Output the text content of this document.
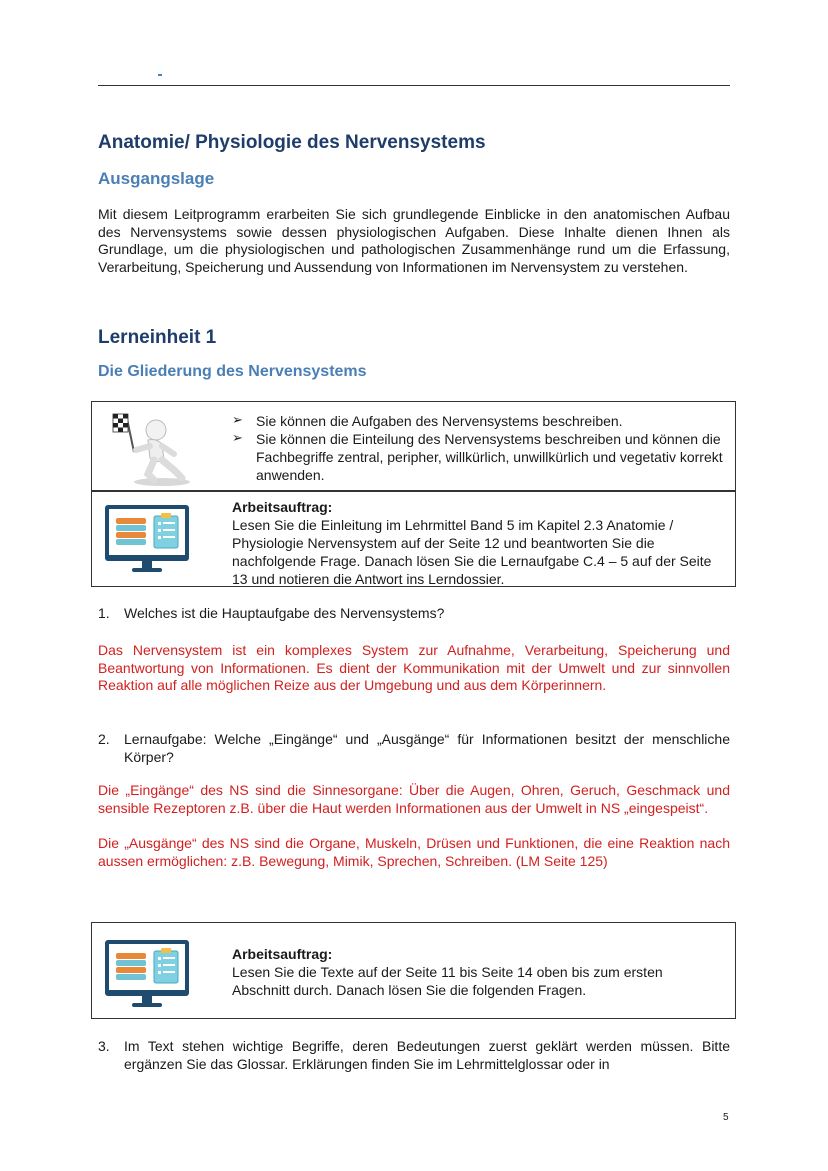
Anatomie/ Physiologie des Nervensystems
Ausgangslage

Mit diesem Leitprogramm erarbeiten Sie sich grundlegende Einblicke in den anatomischen Aufbau des Nervensystems sowie dessen physiologischen Aufgaben. Diese Inhalte dienen Ihnen als Grundlage, um die physiologischen und pathologischen Zusammenhänge rund um die Erfassung, Verarbeitung, Speicherung und Aussendung von Informationen im Nervensystem zu verstehen.

Lerneinheit 1
Die Gliederung des Nervensystems
➢ Sie können die Aufgaben des Nervensystems beschreiben.
➢ Sie können die Einteilung des Nervensystems beschreiben und können die Fachbegriffe zentral, peripher, willkürlich, unwillkürlich und vegetativ korrekt anwenden.
Arbeitsauftrag:
Lesen Sie die Einleitung im Lehrmittel Band 5 im Kapitel 2.3 Anatomie / Physiologie Nervensystem auf der Seite 12 und beantworten Sie die nachfolgende Frage. Danach lösen Sie die Lernaufgabe C.4 – 5 auf der Seite 13 und notieren die Antwort ins Lerndossier.
1. Welches ist die Hauptaufgabe des Nervensystems?

Das Nervensystem ist ein komplexes System zur Aufnahme, Verarbeitung, Speicherung und Beantwortung von Informationen. Es dient der Kommunikation mit der Umwelt und zur sinnvollen Reaktion auf alle möglichen Reize aus der Umgebung und aus dem Körperinnern.

2. Lernaufgabe: Welche „Eingänge“ und „Ausgänge“ für Informationen besitzt der menschliche Körper?

Die „Eingänge“ des NS sind die Sinnesorgane: Über die Augen, Ohren, Geruch, Geschmack und sensible Rezeptoren z.B. über die Haut werden Informationen aus der Umwelt in NS „eingespeist“.

Die „Ausgänge“ des NS sind die Organe, Muskeln, Drüsen und Funktionen, die eine Reaktion nach aussen ermöglichen: z.B. Bewegung, Mimik, Sprechen, Schreiben. (LM Seite 125)

Arbeitsauftrag:
Lesen Sie die Texte auf der Seite 11 bis Seite 14 oben bis zum ersten Abschnitt durch. Danach lösen Sie die folgenden Fragen.
3. Im Text stehen wichtige Begriffe, deren Bedeutungen zuerst geklärt werden müssen. Bitte ergänzen Sie das Glossar. Erklärungen finden Sie im Lehrmittelglossar oder in

5
